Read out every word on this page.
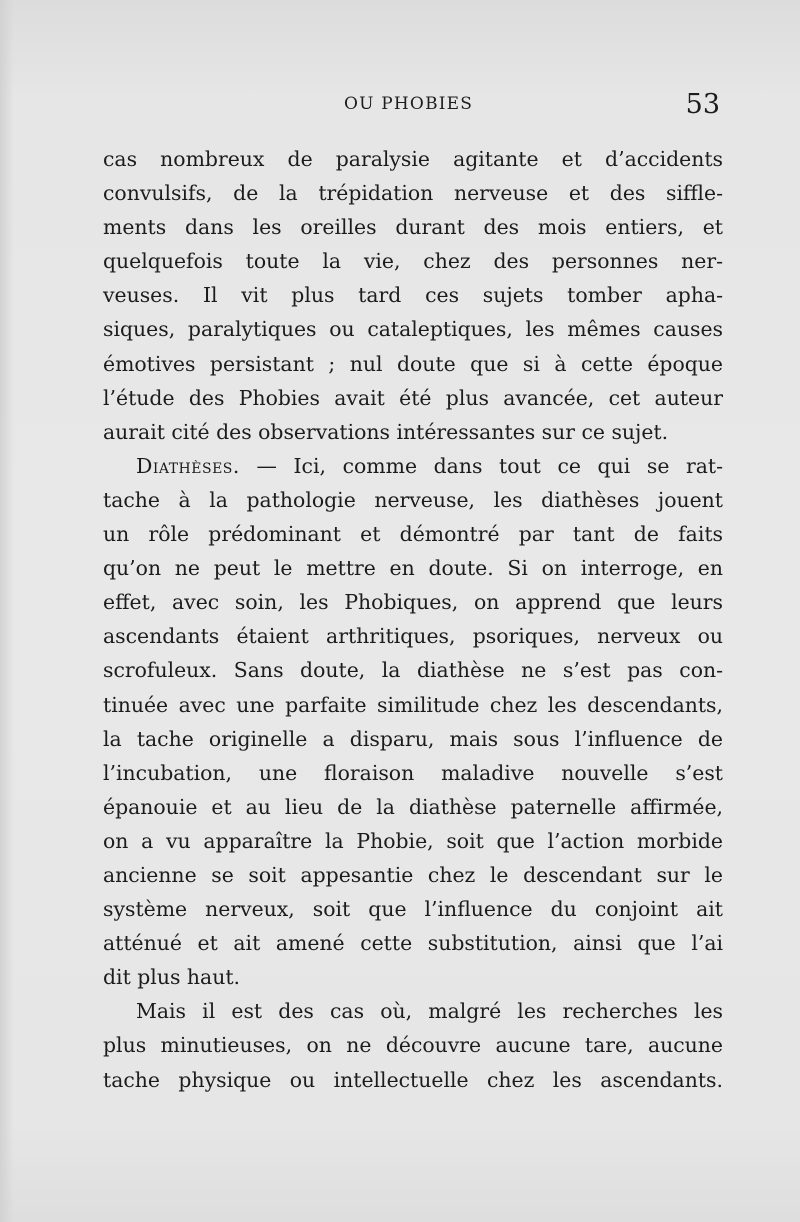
OU PHOBIES	53
cas nombreux de paralysie agitante et d’accidents
convulsifs, de la trépidation nerveuse et des siffle-
ments dans les oreilles durant des mois entiers, et
quelquefois toute la vie, chez des personnes ner-
veuses. Il vit plus tard ces sujets tomber apha-
siques, paralytiques ou cataleptiques, les mêmes causes
émotives persistant ; nul doute que si à cette époque
l’étude des Phobies avait été plus avancée, cet auteur
aurait cité des observations intéressantes sur ce sujet.
Diathèses. — Ici, comme dans tout ce qui se rat-
tache à la pathologie nerveuse, les diathèses jouent
un rôle prédominant et démontré par tant de faits
qu’on ne peut le mettre en doute. Si on interroge, en
effet, avec soin, les Phobiques, on apprend que leurs
ascendants étaient arthritiques, psoriques, nerveux ou
scrofuleux. Sans doute, la diathèse ne s’est pas con-
tinuée avec une parfaite similitude chez les descendants,
la tache originelle a disparu, mais sous l’influence de
l’incubation, une floraison maladive nouvelle s’est
épanouie et au lieu de la diathèse paternelle affirmée,
on a vu apparaître la Phobie, soit que l’action morbide
ancienne se soit appesantie chez le descendant sur le
système nerveux, soit que l’influence du conjoint ait
atténué et ait amené cette substitution, ainsi que l’ai
dit plus haut.
Mais il est des cas où, malgré les recherches les
plus minutieuses, on ne découvre aucune tare, aucune
tache physique ou intellectuelle chez les ascendants.
